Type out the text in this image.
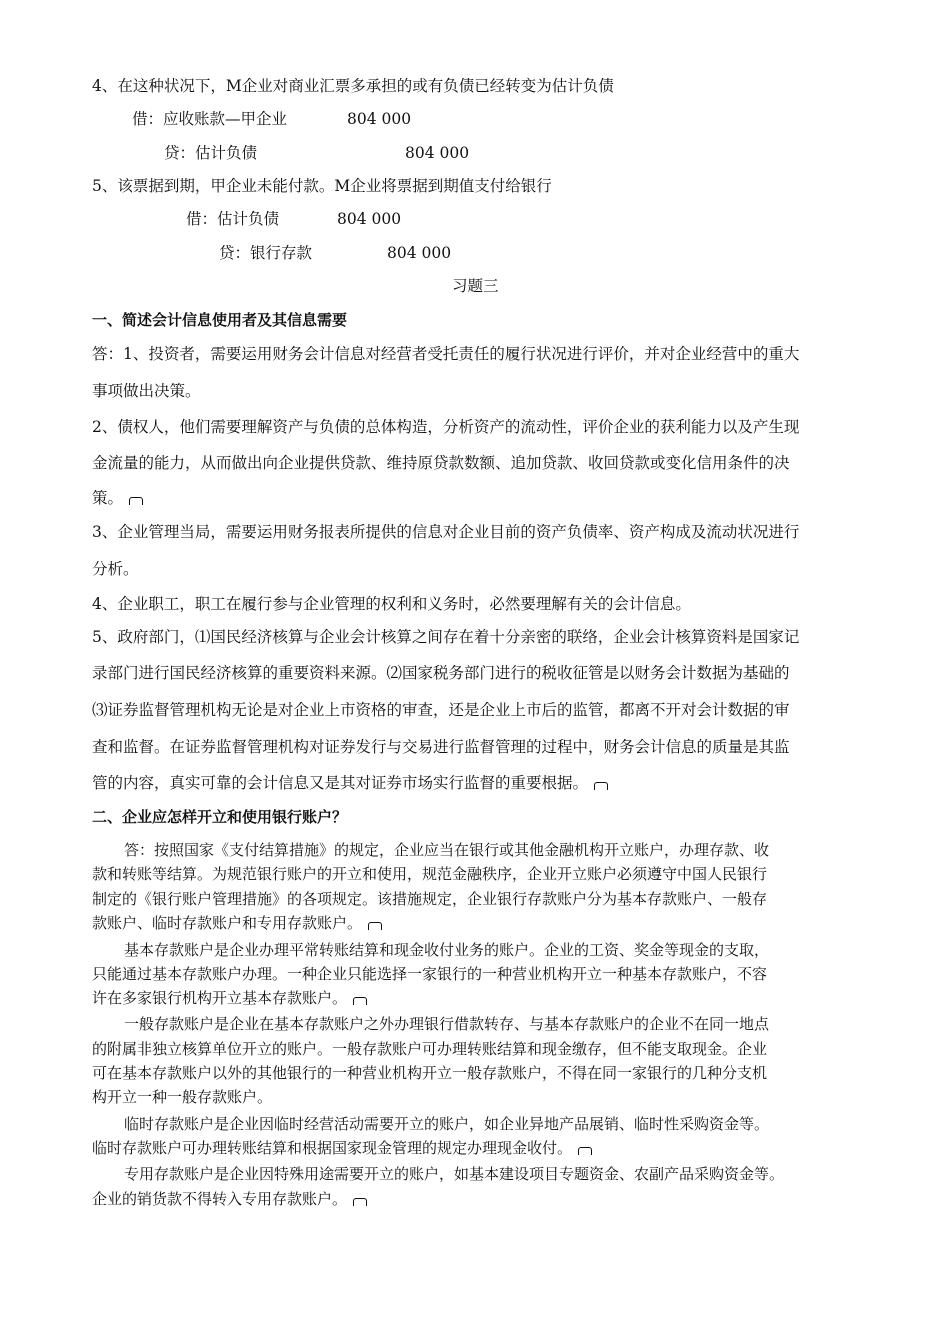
4、在这种状况下，M企业对商业汇票多承担的或有负债已经转变为估计负债
借：应收账款—甲企业	804 000
贷：估计负债	804 000
5、该票据到期，甲企业未能付款。M企业将票据到期值支付给银行
借：估计负债	804 000
贷：银行存款	804 000
习题三
一、简述会计信息使用者及其信息需要
答：1、投资者，需要运用财务会计信息对经营者受托责任的履行状况进行评价，并对企业经营中的重大
事项做出决策。
2、债权人，他们需要理解资产与负债的总体构造，分析资产的流动性，评价企业的获利能力以及产生现
金流量的能力，从而做出向企业提供贷款、维持原贷款数额、追加贷款、收回贷款或变化信用条件的决
策。
3、企业管理当局，需要运用财务报表所提供的信息对企业目前的资产负债率、资产构成及流动状况进行
分析。
4、企业职工，职工在履行参与企业管理的权利和义务时，必然要理解有关的会计信息。
5、政府部门，⑴国民经济核算与企业会计核算之间存在着十分亲密的联络，企业会计核算资料是国家记
录部门进行国民经济核算的重要资料来源。⑵国家税务部门进行的税收征管是以财务会计数据为基础的
⑶证券监督管理机构无论是对企业上市资格的审查，还是企业上市后的监管，都离不开对会计数据的审
查和监督。在证券监督管理机构对证券发行与交易进行监督管理的过程中，财务会计信息的质量是其监
管的内容，真实可靠的会计信息又是其对证券市场实行监督的重要根据。
二、企业应怎样开立和使用银行账户？
答：按照国家《支付结算措施》的规定，企业应当在银行或其他金融机构开立账户，办理存款、收
款和转账等结算。为规范银行账户的开立和使用，规范金融秩序，企业开立账户必须遵守中国人民银行
制定的《银行账户管理措施》的各项规定。该措施规定，企业银行存款账户分为基本存款账户、一般存
款账户、临时存款账户和专用存款账户。
基本存款账户是企业办理平常转账结算和现金收付业务的账户。企业的工资、奖金等现金的支取，
只能通过基本存款账户办理。一种企业只能选择一家银行的一种营业机构开立一种基本存款账户，不容
许在多家银行机构开立基本存款账户。
一般存款账户是企业在基本存款账户之外办理银行借款转存、与基本存款账户的企业不在同一地点
的附属非独立核算单位开立的账户。一般存款账户可办理转账结算和现金缴存，但不能支取现金。企业
可在基本存款账户以外的其他银行的一种营业机构开立一般存款账户，不得在同一家银行的几种分支机
构开立一种一般存款账户。
临时存款账户是企业因临时经营活动需要开立的账户，如企业异地产品展销、临时性采购资金等。
临时存款账户可办理转账结算和根据国家现金管理的规定办理现金收付。
专用存款账户是企业因特殊用途需要开立的账户，如基本建设项目专题资金、农副产品采购资金等。
企业的销货款不得转入专用存款账户。
